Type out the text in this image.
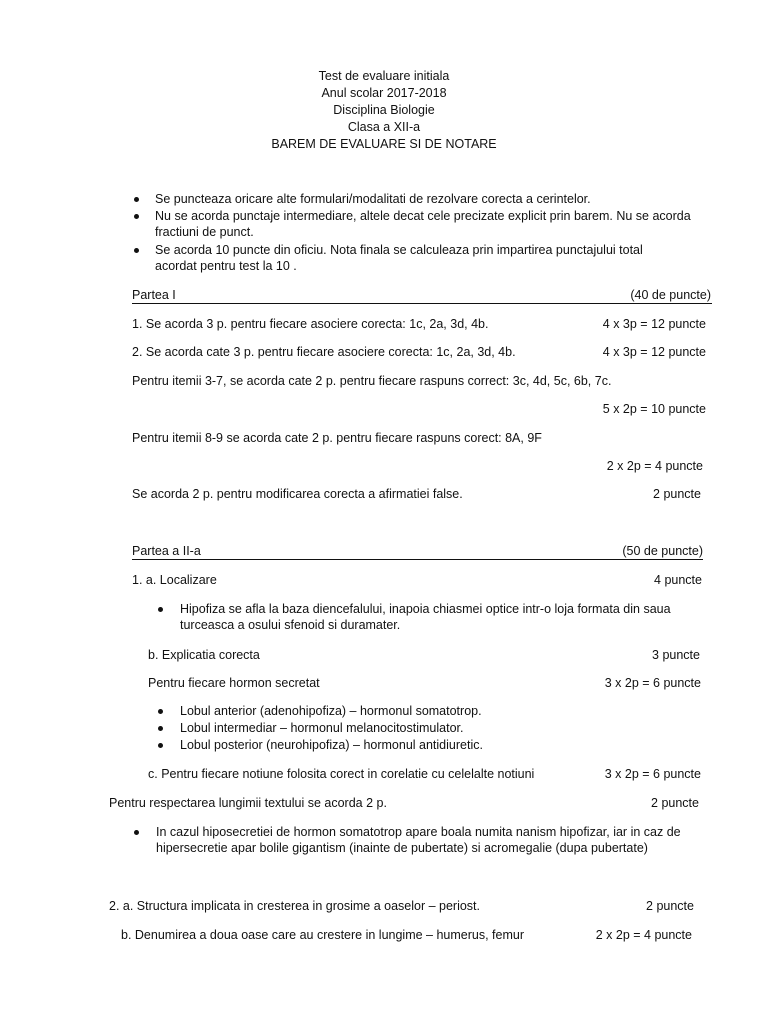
Test de evaluare initiala
Anul scolar 2017-2018
Disciplina Biologie
Clasa a XII-a
BAREM DE EVALUARE SI DE NOTARE
Se puncteaza oricare alte formulari/modalitati de rezolvare corecta a cerintelor.
Nu se acorda punctaje intermediare, altele decat cele precizate explicit prin barem. Nu se acorda fractiuni de punct.
Se acorda 10 puncte din oficiu. Nota finala se calculeaza prin impartirea punctajului total acordat pentru test la 10 .
Partea I	(40 de puncte)
1. Se acorda 3 p. pentru fiecare asociere corecta: 1c, 2a, 3d, 4b.	4 x 3p = 12 puncte
2. Se acorda cate 3 p. pentru fiecare asociere corecta: 1c, 2a, 3d, 4b.	4 x 3p = 12 puncte
Pentru itemii 3-7, se acorda cate 2 p. pentru fiecare raspuns correct: 3c, 4d, 5c, 6b, 7c.
5 x 2p = 10 puncte
Pentru itemii 8-9 se acorda cate 2 p. pentru fiecare raspuns corect: 8A, 9F
2 x 2p = 4 puncte
Se acorda 2 p. pentru modificarea corecta a afirmatiei false.	2 puncte
Partea a II-a	(50 de puncte)
1. a. Localizare	4 puncte
Hipofiza se afla la baza diencefalului, inapoia chiasmei optice intr-o loja formata din saua turceasca a osului sfenoid si duramater.
b. Explicatia corecta	3 puncte
Pentru fiecare hormon secretat	3 x 2p = 6 puncte
Lobul anterior (adenohipofiza) – hormonul somatotrop.
Lobul intermediar – hormonul melanocitostimulator.
Lobul posterior (neurohipofiza) – hormonul antidiuretic.
c. Pentru fiecare notiune folosita corect in corelatie cu celelalte notiuni	3 x 2p = 6 puncte
Pentru respectarea lungimii textului se acorda 2 p.	2 puncte
In cazul hiposecretiei de hormon somatotrop apare boala numita nanism hipofizar, iar in caz de hipersecretie apar bolile gigantism (inainte de pubertate) si acromegalie (dupa pubertate)
2. a. Structura implicata in cresterea in grosime a oaselor – periost.	2 puncte
b. Denumirea a doua oase care au crestere in lungime – humerus, femur	2 x 2p = 4 puncte
